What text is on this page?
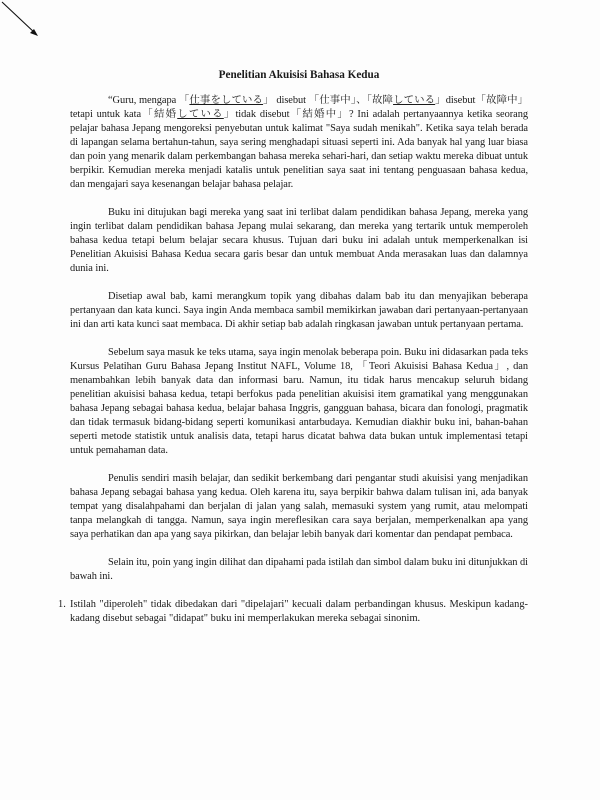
Penelitian Akuisisi Bahasa Kedua

“Guru, mengapa 「仕事をしている」 disebut 「仕事中」、「故障している」disebut「故障中」tetapi untuk kata「結婚している」tidak disebut「結婚中」? Ini adalah pertanyaannya ketika seorang pelajar bahasa Jepang mengoreksi penyebutan untuk kalimat "Saya sudah menikah". Ketika saya telah berada di lapangan selama bertahun-tahun, saya sering menghadapi situasi seperti ini. Ada banyak hal yang luar biasa dan poin yang menarik dalam perkembangan bahasa mereka sehari-hari, dan setiap waktu mereka dibuat untuk berpikir. Kemudian mereka menjadi katalis untuk penelitian saya saat ini tentang penguasaan bahasa kedua, dan mengajari saya kesenangan belajar bahasa pelajar.

Buku ini ditujukan bagi mereka yang saat ini terlibat dalam pendidikan bahasa Jepang, mereka yang ingin terlibat dalam pendidikan bahasa Jepang mulai sekarang, dan mereka yang tertarik untuk memperoleh bahasa kedua tetapi belum belajar secara khusus. Tujuan dari buku ini adalah untuk memperkenalkan isi Penelitian Akuisisi Bahasa Kedua secara garis besar dan untuk membuat Anda merasakan luas dan dalamnya dunia ini.

Disetiap awal bab, kami merangkum topik yang dibahas dalam bab itu dan menyajikan beberapa pertanyaan dan kata kunci. Saya ingin Anda membaca sambil memikirkan jawaban dari pertanyaan-pertanyaan ini dan arti kata kunci saat membaca. Di akhir setiap bab adalah ringkasan jawaban untuk pertanyaan pertama.

Sebelum saya masuk ke teks utama, saya ingin menolak beberapa poin. Buku ini didasarkan pada teks Kursus Pelatihan Guru Bahasa Jepang Institut NAFL, Volume 18, 「Teori Akuisisi Bahasa Kedua」, dan menambahkan lebih banyak data dan informasi baru. Namun, itu tidak harus mencakup seluruh bidang penelitian akuisisi bahasa kedua, tetapi berfokus pada penelitian akuisisi item gramatikal yang menggunakan bahasa Jepang sebagai bahasa kedua, belajar bahasa Inggris, gangguan bahasa, bicara dan fonologi, pragmatik dan tidak termasuk bidang-bidang seperti komunikasi antarbudaya. Kemudian diakhir buku ini, bahan-bahan seperti metode statistik untuk analisis data, tetapi harus dicatat bahwa data bukan untuk implementasi tetapi untuk pemahaman data.

Penulis sendiri masih belajar, dan sedikit berkembang dari pengantar studi akuisisi yang menjadikan bahasa Jepang sebagai bahasa yang kedua. Oleh karena itu, saya berpikir bahwa dalam tulisan ini, ada banyak tempat yang disalahpahami dan berjalan di jalan yang salah, memasuki system yang rumit, atau melompati tanpa melangkah di tangga. Namun, saya ingin mereflesikan cara saya berjalan, memperkenalkan apa yang saya perhatikan dan apa yang saya pikirkan, dan belajar lebih banyak dari komentar dan pendapat pembaca.

Selain itu, poin yang ingin dilihat dan dipahami pada istilah dan simbol dalam buku ini ditunjukkan di bawah ini.

1. Istilah "diperoleh" tidak dibedakan dari "dipelajari" kecuali dalam perbandingan khusus. Meskipun kadang-kadang disebut sebagai "didapat" buku ini memperlakukan mereka sebagai sinonim.
